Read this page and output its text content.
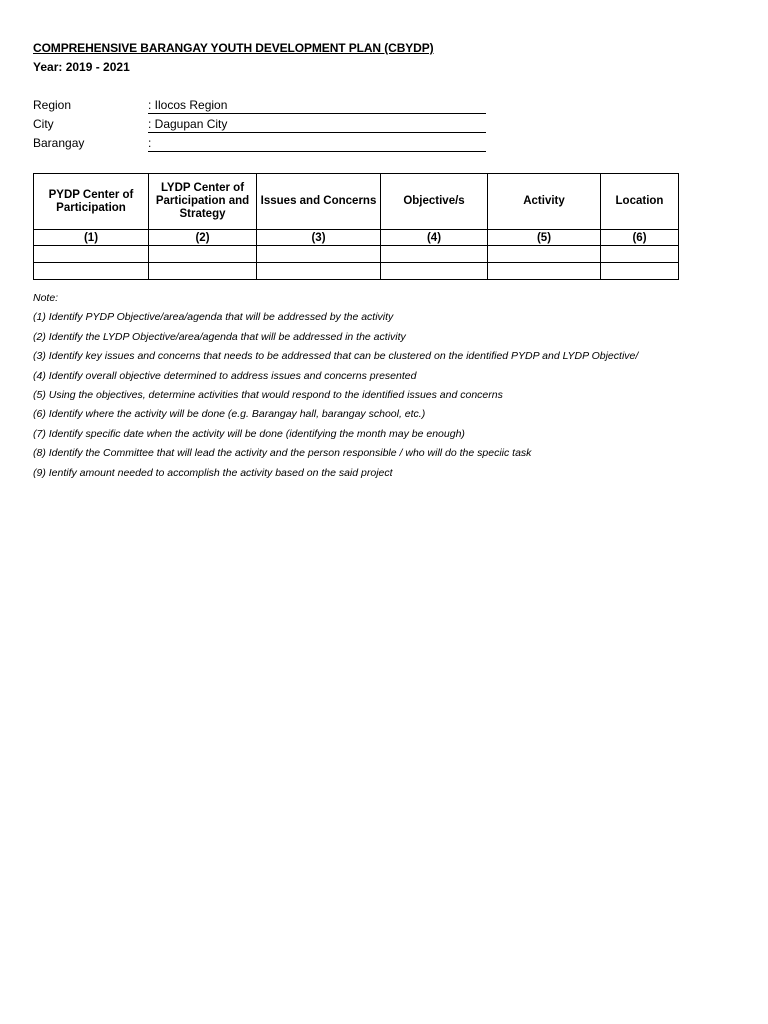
COMPREHENSIVE BARANGAY YOUTH DEVELOPMENT PLAN (CBYDP)
Year: 2019 - 2021
Region	: Ilocos Region
City	: Dagupan City
Barangay	:
PYDP Center of Participation	LYDP Center of Participation and Strategy	Issues and Concerns	Objective/s	Activity	Location
(1)	(2)	(3)	(4)	(5)	(6)

Note:
(1) Identify PYDP Objective/area/agenda that will be addressed by the activity
(2) Identify the LYDP Objective/area/agenda that will be addressed in the activity
(3) Identify key issues and concerns that needs to be addressed that can be clustered on the identified PYDP and LYDP Objective/
(4) Identify overall objective determined to address issues and concerns presented
(5) Using the objectives, determine activities that would respond to the identified issues and concerns
(6) Identify where the activity will be done (e.g. Barangay hall, barangay school, etc.)
(7) Identify specific date when the activity will be done (identifying the month may be enough)
(8) Identify the Committee that will lead the activity and the person responsible / who will do the speciic task
(9) Ientify amount needed to accomplish the activity based on the said project
